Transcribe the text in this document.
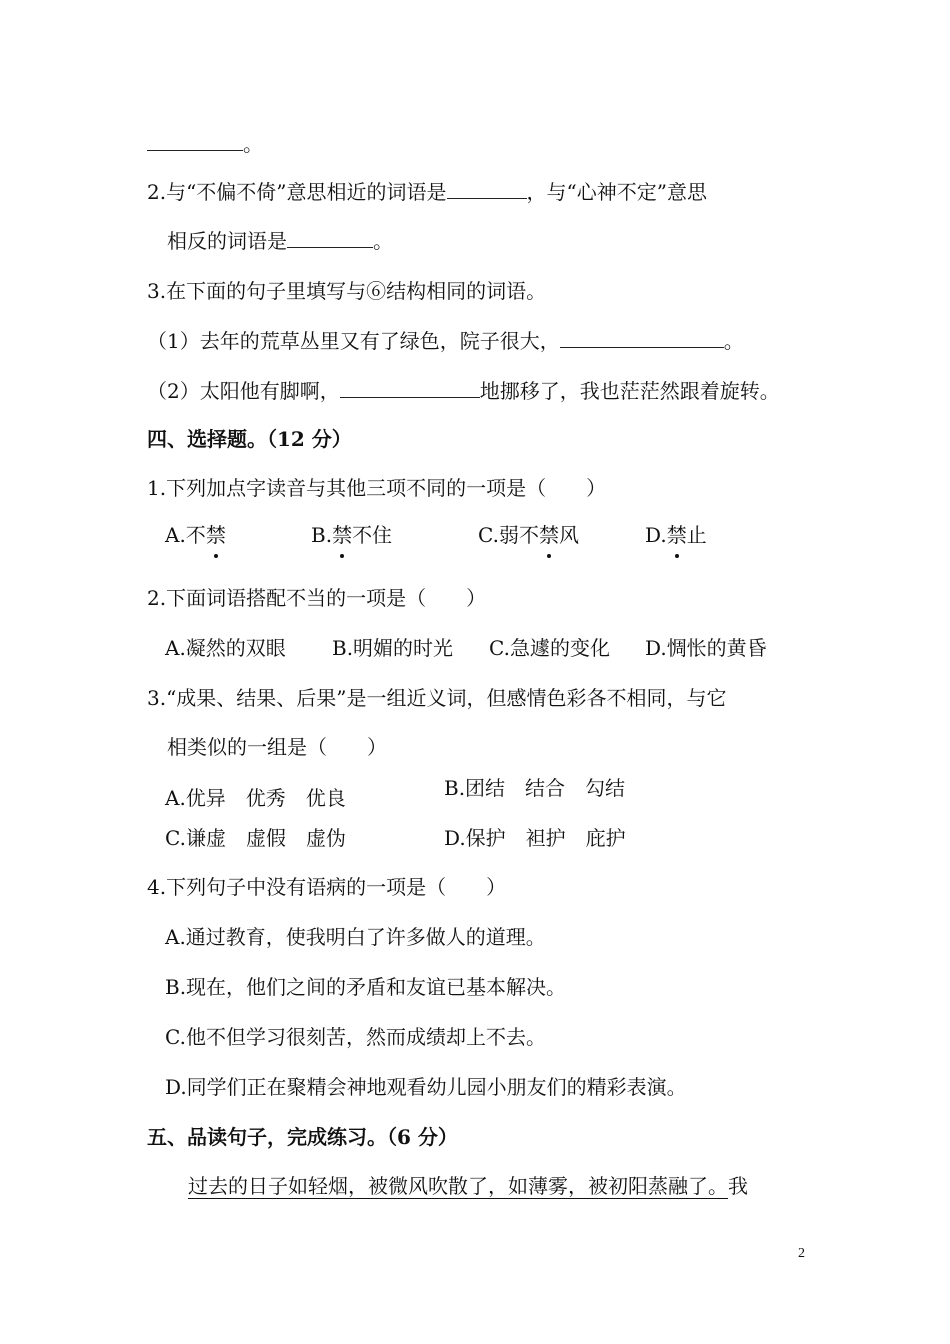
。
2.与“不偏不倚”意思相近的词语是	，与“心神不定”意思
相反的词语是	。
3.在下面的句子里填写与⑥结构相同的词语。
（1）去年的荒草丛里又有了绿色，院子很大，	。
（2）太阳他有脚啊，	地挪移了，我也茫茫然跟着旋转。
四、选择题。（12 分）
1.下列加点字读音与其他三项不同的一项是（　　）
A.不禁	B.禁不住	C.弱不禁风	D.禁止
2.下面词语搭配不当的一项是（　　）
A.凝然的双眼 B.明媚的时光 C.急遽的变化 D.惆怅的黄昏
3.“成果、结果、后果”是一组近义词，但感情色彩各不相同，与它
相类似的一组是（　　）
A.优异　优秀　优良	B.团结　结合　勾结
C.谦虚　虚假　虚伪	D.保护　袒护　庇护
4.下列句子中没有语病的一项是（　　）
A.通过教育，使我明白了许多做人的道理。
B.现在，他们之间的矛盾和友谊已基本解决。
C.他不但学习很刻苦，然而成绩却上不去。
D.同学们正在聚精会神地观看幼儿园小朋友们的精彩表演。
五、品读句子，完成练习。（6 分）
过去的日子如轻烟，被微风吹散了，如薄雾，被初阳蒸融了。我
2
